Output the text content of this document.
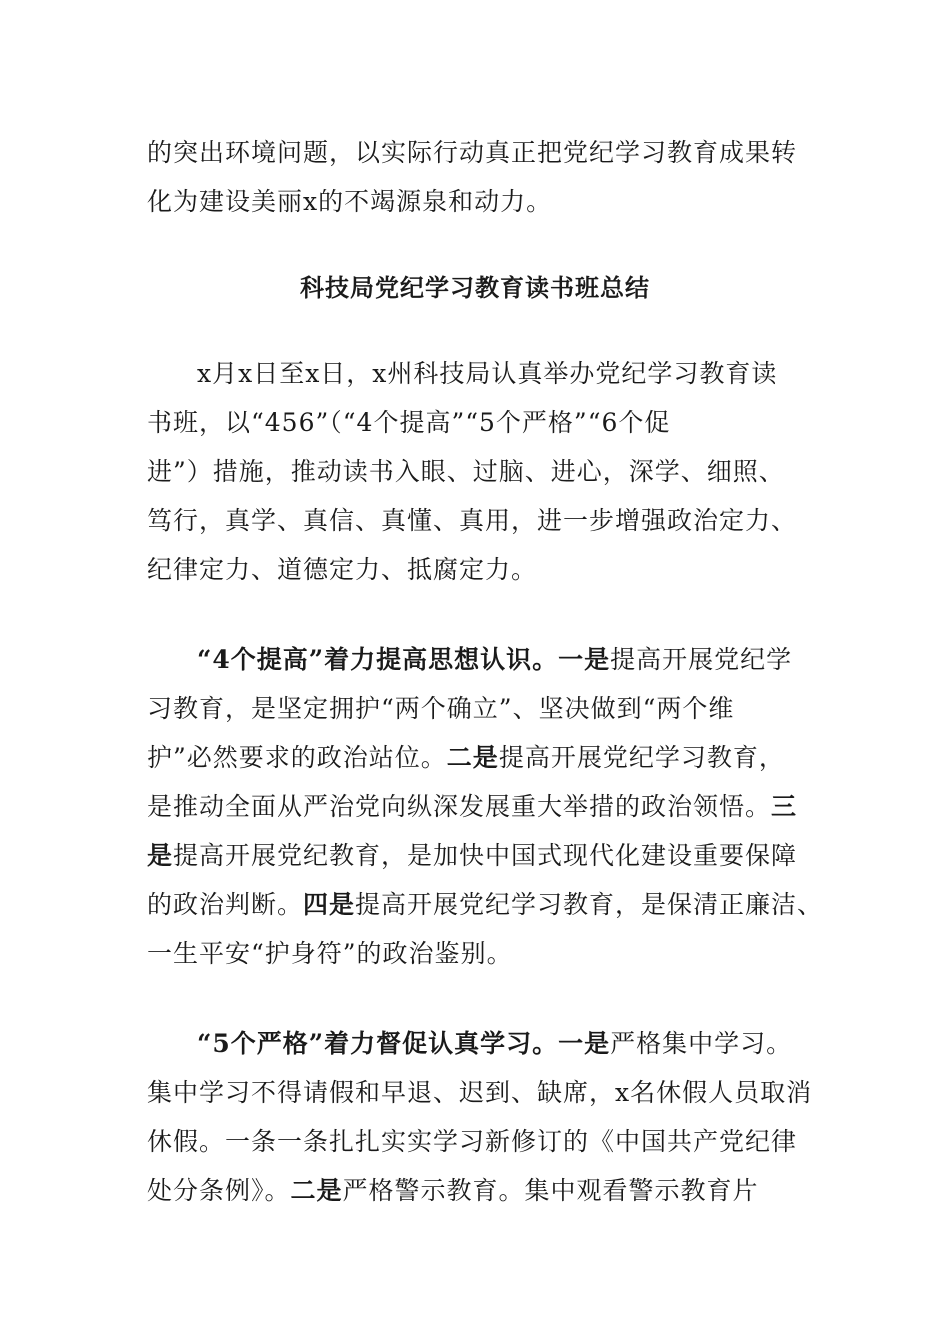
的突出环境问题，以实际行动真正把党纪学习教育成果转
化为建设美丽x的不竭源泉和动力。
科技局党纪学习教育读书班总结
x月x日至x日，x州科技局认真举办党纪学习教育读
书班，以“456”（“4个提高”“5个严格”“6个促
进”）措施，推动读书入眼、过脑、进心，深学、细照、
笃行，真学、真信、真懂、真用，进一步增强政治定力、
纪律定力、道德定力、抵腐定力。
“4个提高”着力提高思想认识。一是提高开展党纪学
习教育，是坚定拥护“两个确立”、坚决做到“两个维
护”必然要求的政治站位。二是提高开展党纪学习教育，
是推动全面从严治党向纵深发展重大举措的政治领悟。三
是提高开展党纪教育，是加快中国式现代化建设重要保障
的政治判断。四是提高开展党纪学习教育，是保清正廉洁、
一生平安“护身符”的政治鉴别。
“5个严格”着力督促认真学习。一是严格集中学习。
集中学习不得请假和早退、迟到、缺席，x名休假人员取消
休假。一条一条扎扎实实学习新修订的《中国共产党纪律
处分条例》。二是严格警示教育。集中观看警示教育片
